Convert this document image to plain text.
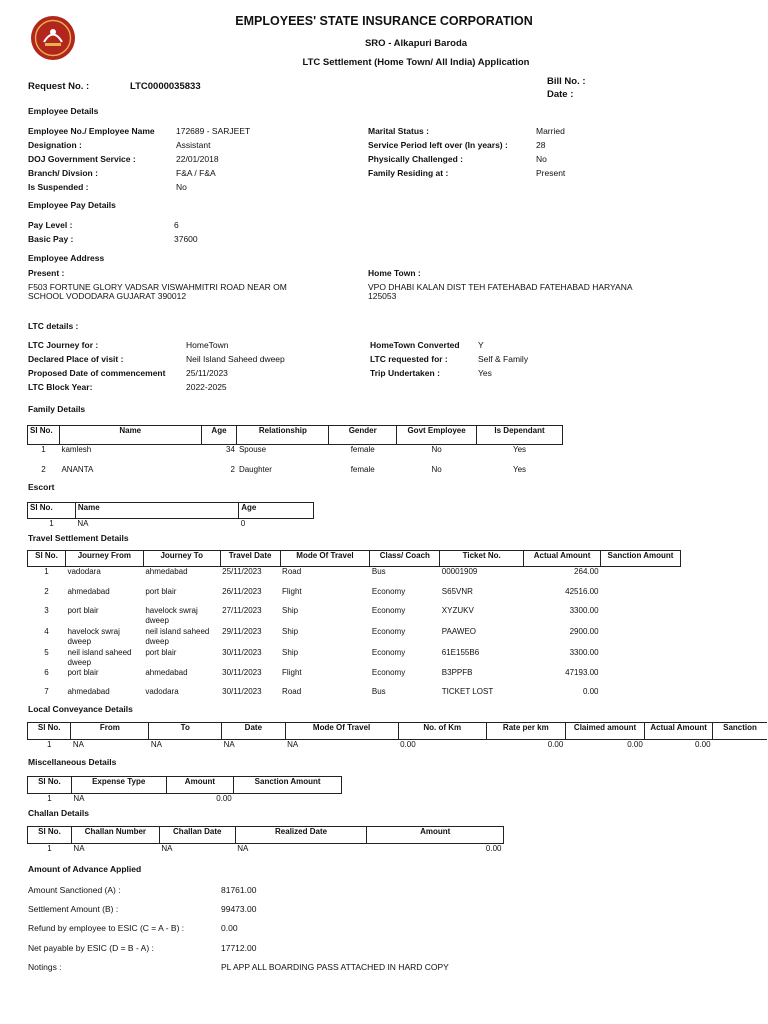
EMPLOYEES' STATE INSURANCE CORPORATION
SRO - Alkapuri Baroda
LTC Settlement (Home Town/ All India) Application
Request No. :	LTC0000035833	Bill No. :
Date :
Employee Details
Employee No./ Employee Name	172689 - SARJEET
Designation :	Assistant
DOJ Government Service :	22/01/2018
Branch/ Divsion :	F&A / F&A
Is Suspended :	No
Marital Status :	Married
Service Period left over (In years) :	28
Physically Challenged :	No
Family Residing at :	Present
Employee Pay Details
Pay Level :	6
Basic Pay :	37600
Employee Address
Present :
F503 FORTUNE GLORY VADSAR VISWAHMITRI ROAD NEAR OM
SCHOOL VODODARA GUJARAT 390012
Home Town :
VPO DHABI KALAN DIST TEH FATEHABAD FATEHABAD HARYANA
125053
LTC details :
LTC Journey for :	HomeTown
Declared Place of visit :	Neil Island Saheed dweep
Proposed Date of commencement 25/11/2023
LTC Block Year:	2022-2025
HomeTown Converted Y
LTC requested for :	Self & Family
Trip Undertaken :	Yes
Family Details
Sl No.	Name	Age	Relationship	Gender	Govt Employee	Is Dependant
1	kamlesh	34	Spouse	female	No	Yes
2	ANANTA	2	Daughter	female	No	Yes
Escort
Sl No.	Name	Age
1	NA	0
Travel Settlement Details
Sl No.	Journey From	Journey To	Travel Date	Mode Of Travel	Class/ Coach	Ticket No.	Actual Amount	Sanction Amount
1	vadodara	ahmedabad	25/11/2023	Road	Bus	00001909	264.00	
2	ahmedabad	port blair	26/11/2023	Flight	Economy	S65VNR	42516.00	
3	port blair	havelock swraj dweep	27/11/2023	Ship	Economy	XYZUKV	3300.00	
4	havelock swraj dweep	neil island saheed dweep	29/11/2023	Ship	Economy	PAAWEO	2900.00	
5	neil island saheed dweep	port blair	30/11/2023	Ship	Economy	61E155B6	3300.00	
6	port blair	ahmedabad	30/11/2023	Flight	Economy	B3PPFB	47193.00	
7	ahmedabad	vadodara	30/11/2023	Road	Bus	TICKET LOST	0.00	
Local Conveyance Details
Sl No.	From	To	Date	Mode Of Travel	No. of Km	Rate per km	Claimed amount	Actual Amount	Sanction
1	NA	NA	NA	NA	0.00	0.00	0.00	0.00	
Miscellaneous Details
Sl No.	Expense Type	Amount	Sanction Amount
1	NA	0.00	
Challan Details
Sl No.	Challan Number	Challan Date	Realized Date	Amount
1	NA	NA	NA	0.00
Amount of Advance Applied
Amount Sanctioned (A) :	81761.00
Settlement Amount (B) :	99473.00
Refund by employee to ESIC (C = A - B) :	0.00
Net payable by ESIC (D = B - A) :	17712.00
Notings :	PL APP ALL BOARDING PASS ATTACHED IN HARD COPY
